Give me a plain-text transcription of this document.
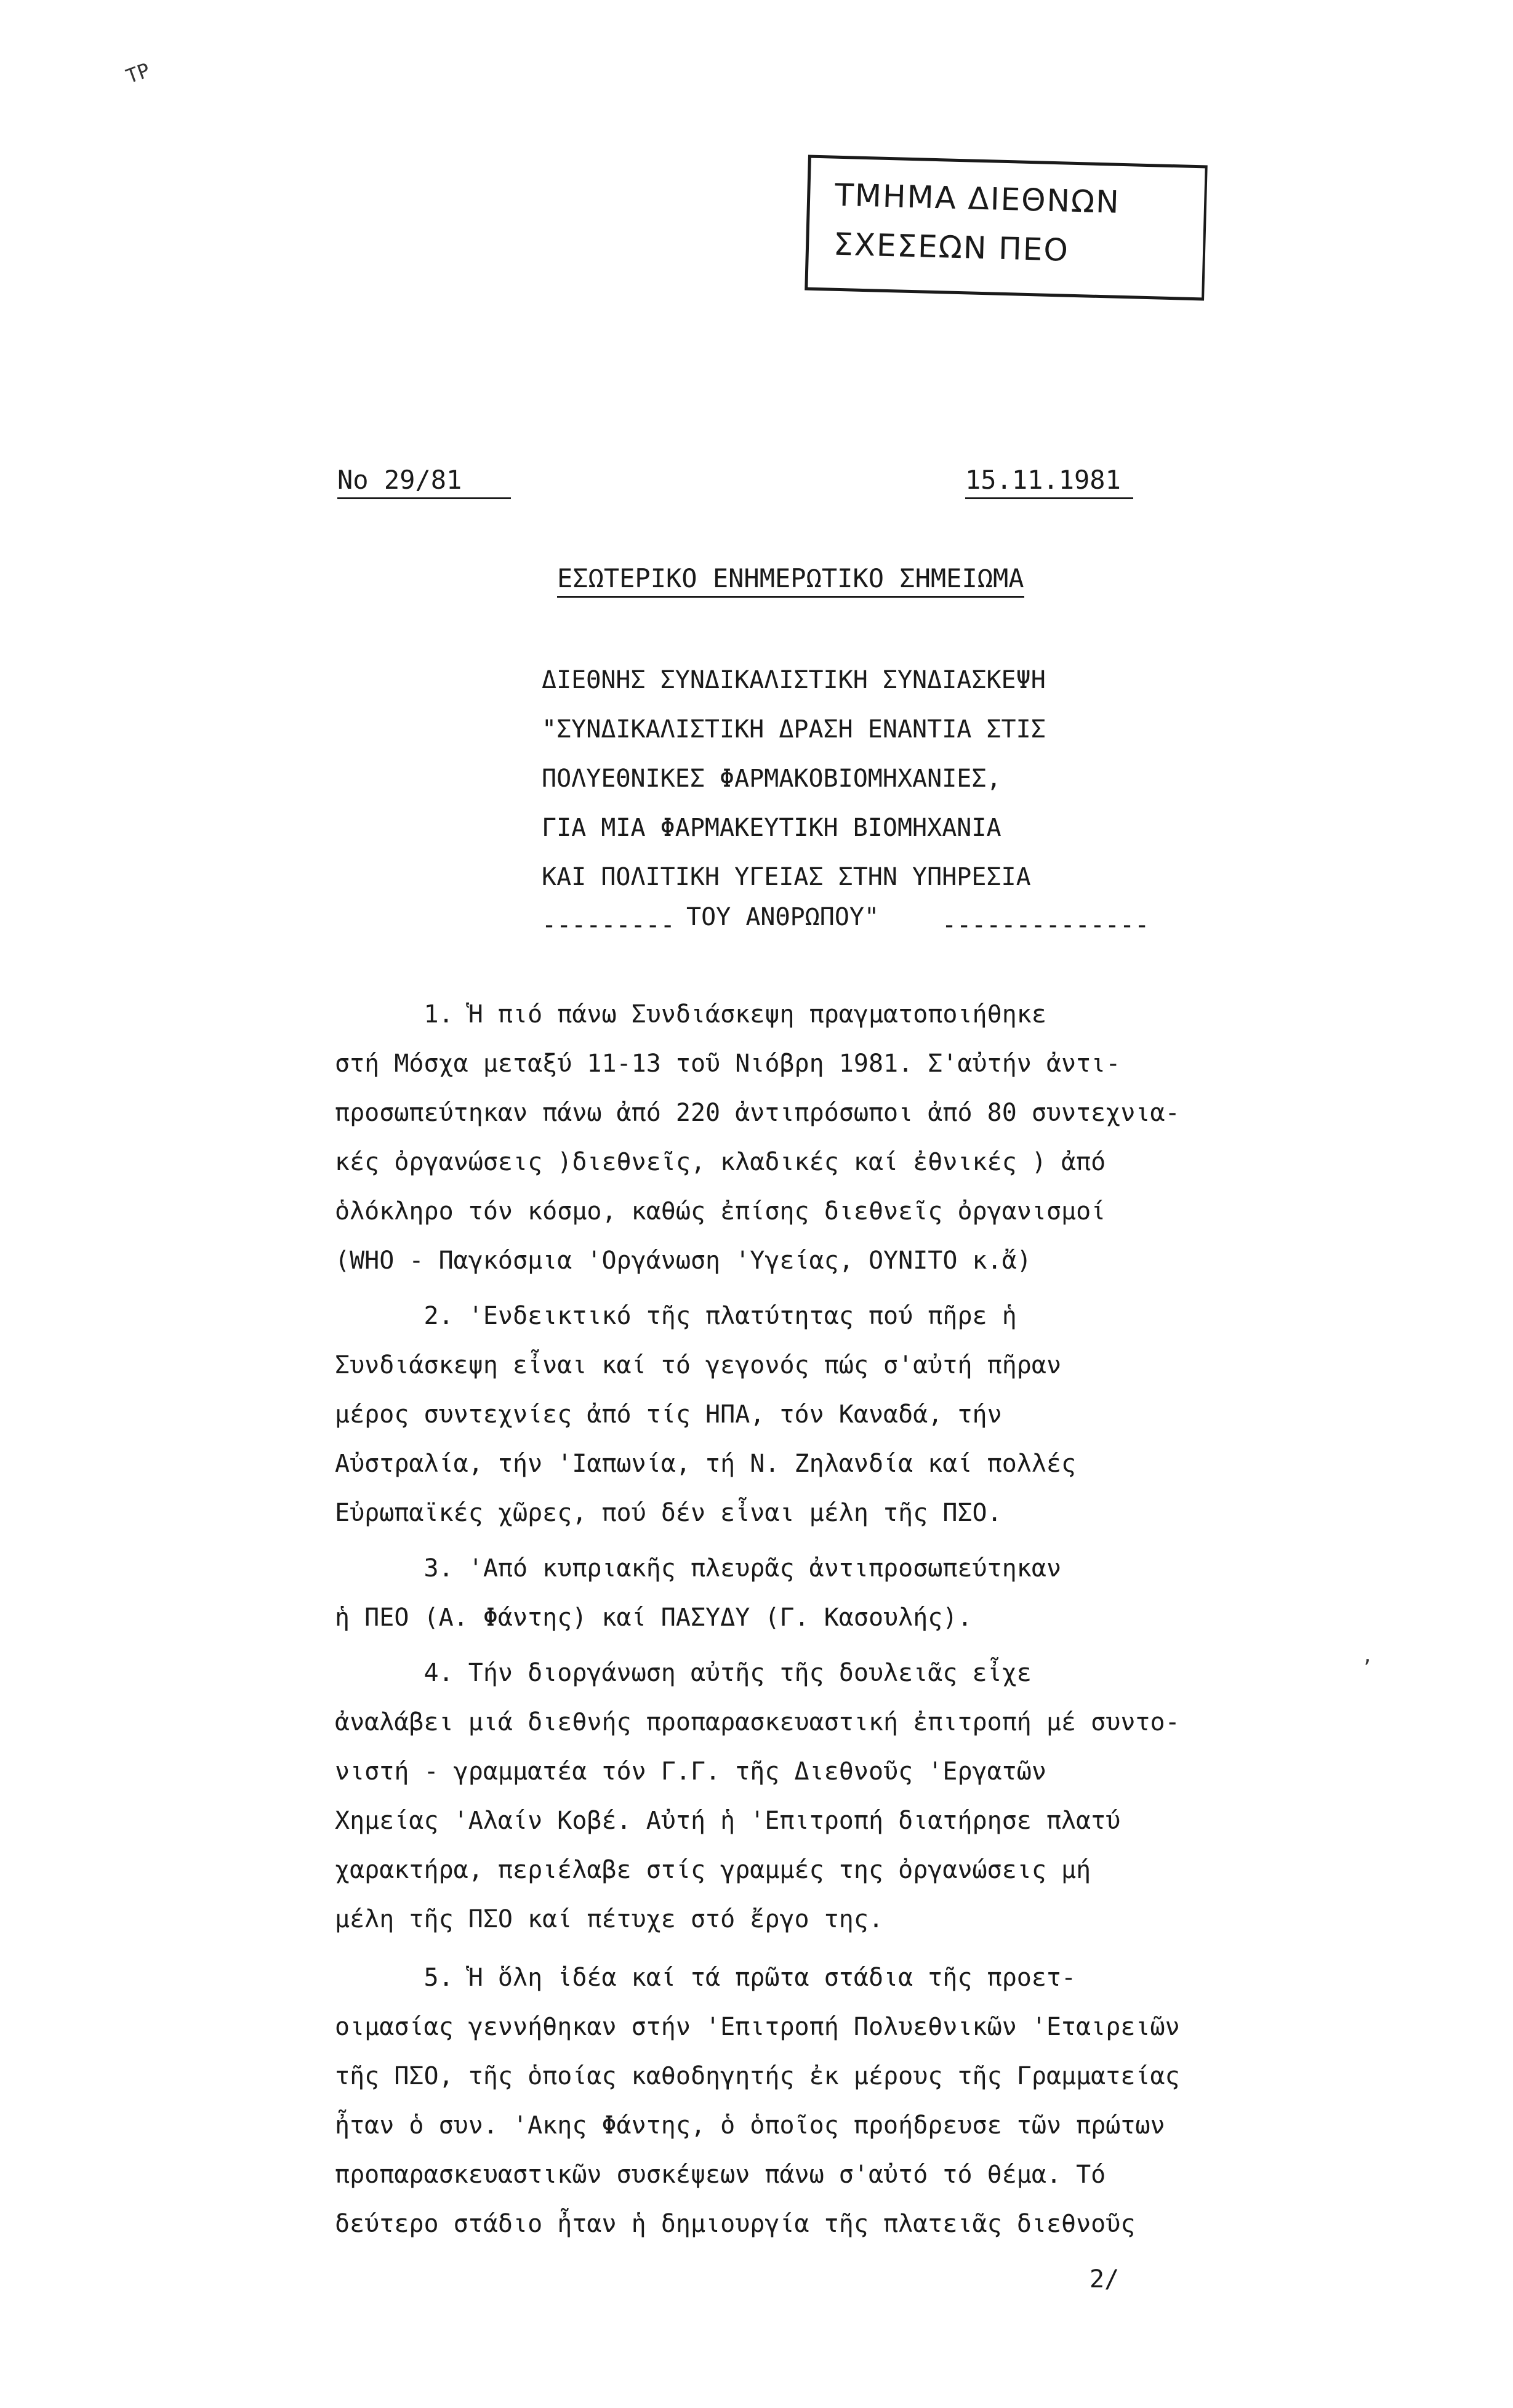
ΤΡ
,
ΤΜΗΜΑ ΔΙΕΘΝΩΝ
ΣΧΕΣΕΩΝ ΠΕΟ
No 29/81	15.11.1981
ΕΣΩΤΕΡΙΚΟ ΕΝΗΜΕΡΩΤΙΚΟ ΣΗΜΕΙΩΜΑ
ΔΙΕΘΝΗΣ ΣΥΝΔΙΚΑΛΙΣΤΙΚΗ ΣΥΝΔΙΑΣΚΕΨΗ
"ΣΥΝΔΙΚΑΛΙΣΤΙΚΗ ΔΡΑΣΗ ΕΝΑΝΤΙΑ ΣΤΙΣ
ΠΟΛΥΕΘΝΙΚΕΣ ΦΑΡΜΑΚΟΒΙΟΜΗΧΑΝΙΕΣ,
ΓΙΑ ΜΙΑ ΦΑΡΜΑΚΕΥΤΙΚΗ ΒΙΟΜΗΧΑΝΙΑ
ΚΑΙ ΠΟΛΙΤΙΚΗ ΥΓΕΙΑΣ ΣΤΗΝ ΥΠΗΡΕΣΙΑ
--------- ΤΟΥ ΑΝΘΡΩΠΟΥ"	--------------
1. Ἡ πιό πάνω Συνδιάσκεψη πραγματοποιήθηκε
στή Μόσχα μεταξύ 11-13 τοῦ Νιόβρη 1981. Σ'αὐτήν ἀντι-
προσωπεύτηκαν πάνω ἀπό 220 ἀντιπρόσωποι ἀπό 80 συντεχνια-
κές ὀργανώσεις )διεθνεῖς, κλαδικές καί ἐθνικές ) ἀπό
ὁλόκληρο τόν κόσμο, καθώς ἐπίσης διεθνεῖς ὀργανισμοί
(WHO - Παγκόσμια 'Οργάνωση 'Υγείας, ΟΥΝΙΤΟ κ.ἄ)
2. 'Ενδεικτικό τῆς πλατύτητας πού πῆρε ἡ
Συνδιάσκεψη εἶναι καί τό γεγονός πώς σ'αὐτή πῆραν
μέρος συντεχνίες ἀπό τίς ΗΠΑ, τόν Καναδά, τήν
Αὐστραλία, τήν 'Ιαπωνία, τή Ν. Ζηλανδία καί πολλές
Εὐρωπαϊκές χῶρες, πού δέν εἶναι μέλη τῆς ΠΣΟ.
3. 'Από κυπριακῆς πλευρᾶς ἀντιπροσωπεύτηκαν
ἡ ΠΕΟ (Α. Φάντης) καί ΠΑΣΥΔΥ (Γ. Κασουλής).
4. Τήν διοργάνωση αὐτῆς τῆς δουλειᾶς εἶχε
ἀναλάβει μιά διεθνής προπαρασκευαστική ἐπιτροπή μέ συντο-
νιστή - γραμματέα τόν Γ.Γ. τῆς Διεθνοῦς 'Εργατῶν
Χημείας 'Αλαίν Κοβέ. Αὐτή ἡ 'Επιτροπή διατήρησε πλατύ
χαρακτήρα, περιέλαβε στίς γραμμές της ὀργανώσεις μή
μέλη τῆς ΠΣΟ καί πέτυχε στό ἔργο της.
5. Ἡ ὅλη ἰδέα καί τά πρῶτα στάδια τῆς προετ-
οιμασίας γεννήθηκαν στήν 'Επιτροπή Πολυεθνικῶν 'Εταιρειῶν
τῆς ΠΣΟ, τῆς ὁποίας καθοδηγητής ἐκ μέρους τῆς Γραμματείας
ἦταν ὁ συν. 'Ακης Φάντης, ὁ ὁποῖος προήδρευσε τῶν πρώτων
προπαρασκευαστικῶν συσκέψεων πάνω σ'αὐτό τό θέμα. Τό
δεύτερο στάδιο ἦταν ἡ δημιουργία τῆς πλατειᾶς διεθνοῦς
2/
